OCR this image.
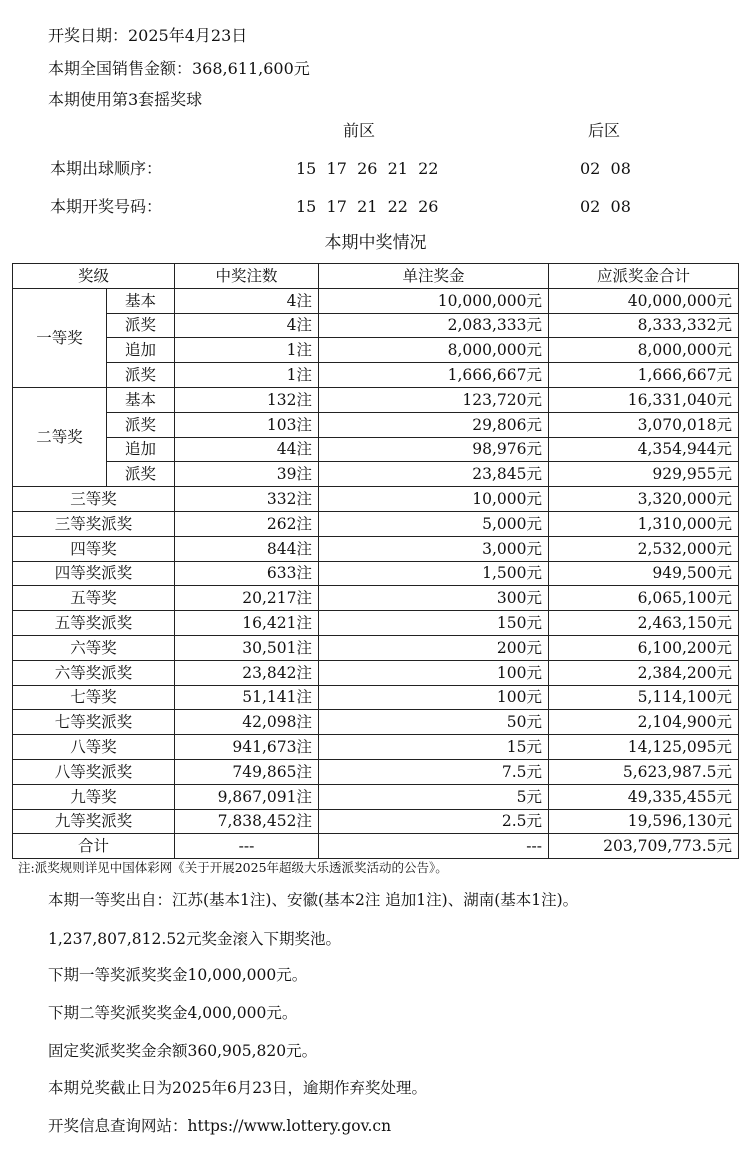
开奖日期：2025年4月23日
本期全国销售金额：368,611,600元
本期使用第3套摇奖球
前区	后区
本期出球顺序：	15  17  26  21  22	02  08
本期开奖号码：	15  17  21  22  26	02  08
本期中奖情况
奖级		中奖注数	单注奖金	应派奖金合计
一等奖	基本	4注	10,000,000元	40,000,000元
	派奖	4注	2,083,333元	8,333,332元
	追加	1注	8,000,000元	8,000,000元
	派奖	1注	1,666,667元	1,666,667元
二等奖	基本	132注	123,720元	16,331,040元
	派奖	103注	29,806元	3,070,018元
	追加	44注	98,976元	4,354,944元
	派奖	39注	23,845元	929,955元
三等奖		332注	10,000元	3,320,000元
三等奖派奖		262注	5,000元	1,310,000元
四等奖		844注	3,000元	2,532,000元
四等奖派奖		633注	1,500元	949,500元
五等奖		20,217注	300元	6,065,100元
五等奖派奖		16,421注	150元	2,463,150元
六等奖		30,501注	200元	6,100,200元
六等奖派奖		23,842注	100元	2,384,200元
七等奖		51,141注	100元	5,114,100元
七等奖派奖		42,098注	50元	2,104,900元
八等奖		941,673注	15元	14,125,095元
八等奖派奖		749,865注	7.5元	5,623,987.5元
九等奖		9,867,091注	5元	49,335,455元
九等奖派奖		7,838,452注	2.5元	19,596,130元
合计		---	---	203,709,773.5元
注:派奖规则详见中国体彩网《关于开展2025年超级大乐透派奖活动的公告》。
本期一等奖出自：江苏(基本1注)、安徽(基本2注 追加1注)、湖南(基本1注)。
1,237,807,812.52元奖金滚入下期奖池。
下期一等奖派奖奖金10,000,000元。
下期二等奖派奖奖金4,000,000元。
固定奖派奖奖金余额360,905,820元。
本期兑奖截止日为2025年6月23日，逾期作弃奖处理。
开奖信息查询网站：https://www.lottery.gov.cn
